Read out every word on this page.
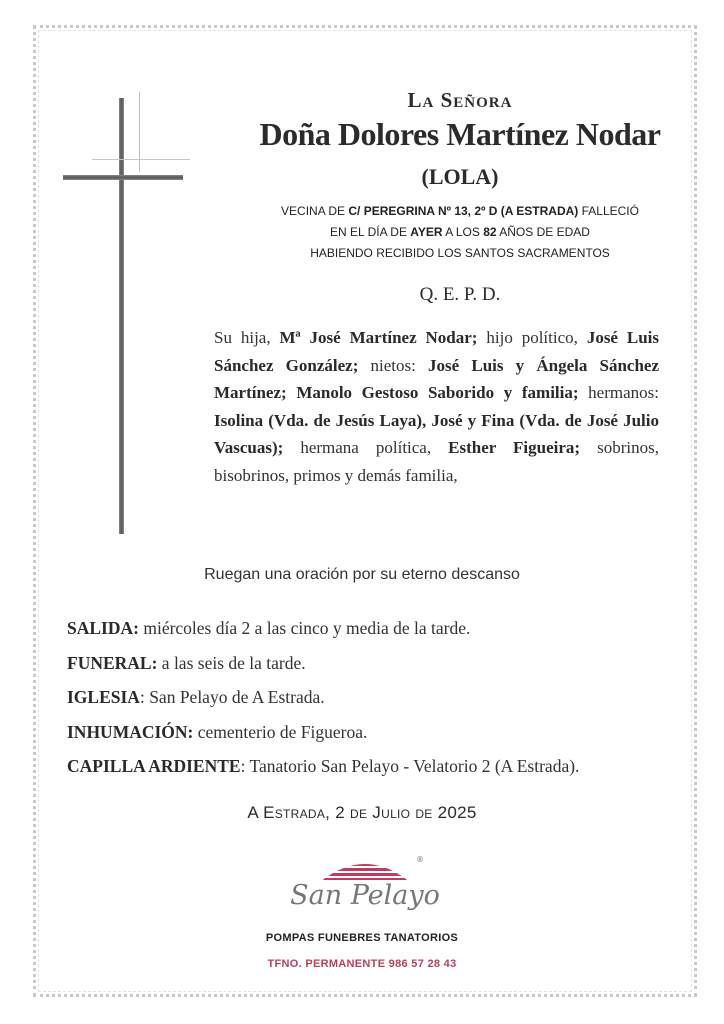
La Señora
Doña Dolores Martínez Nodar
(LOLA)
VECINA DE C/ PEREGRINA Nº 13, 2º D (A ESTRADA) FALLECIÓ
EN EL DÍA DE AYER A LOS 82 AÑOS DE EDAD
HABIENDO RECIBIDO LOS SANTOS SACRAMENTOS
Q. E. P. D.
Su hija, Mª José Martínez Nodar; hijo político, José Luis Sánchez González; nietos: José Luis y Ángela Sánchez Martínez; Manolo Gestoso Saborido y familia; hermanos: Isolina (Vda. de Jesús Laya), José y Fina (Vda. de José Julio Vascuas); hermana política, Esther Figueira; sobrinos, bisobrinos, primos y demás familia,
Ruegan una oración por su eterno descanso
SALIDA: miércoles día 2 a las cinco y media de la tarde.
FUNERAL: a las seis de la tarde.
IGLESIA: San Pelayo de A Estrada.
INHUMACIÓN: cementerio de Figueroa.
CAPILLA ARDIENTE: Tanatorio San Pelayo - Velatorio 2 (A Estrada).
A Estrada, 2 de Julio de 2025
®
San Pelayo
POMPAS FUNEBRES TANATORIOS
TFNO. PERMANENTE 986 57 28 43
